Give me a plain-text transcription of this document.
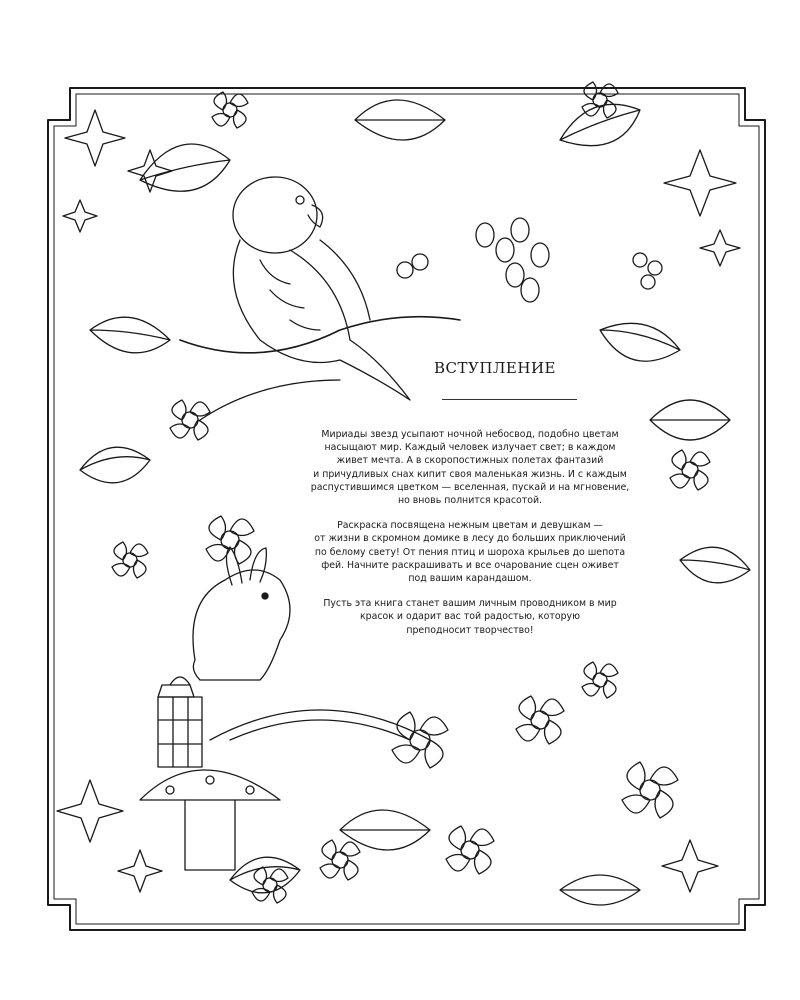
ВСТУПЛЕНИЕ

Мириады звезд усыпают ночной небосвод, подобно цветам
насыщают мир. Каждый человек излучает свет; в каждом
живет мечта. А в скоропостижных полетах фантазий
и причудливых снах кипит своя маленькая жизнь. И с каждым
распустившимся цветком — вселенная, пускай и на мгновение,
но вновь полнится красотой.

Раскраска посвящена нежным цветам и девушкам —
от жизни в скромном домике в лесу до больших приключений
по белому свету! От пения птиц и шороха крыльев до шепота
фей. Начните раскрашивать и все очарование сцен оживет
под вашим карандашом.

Пусть эта книга станет вашим личным проводником в мир
красок и одарит вас той радостью, которую
преподносит творчество!
